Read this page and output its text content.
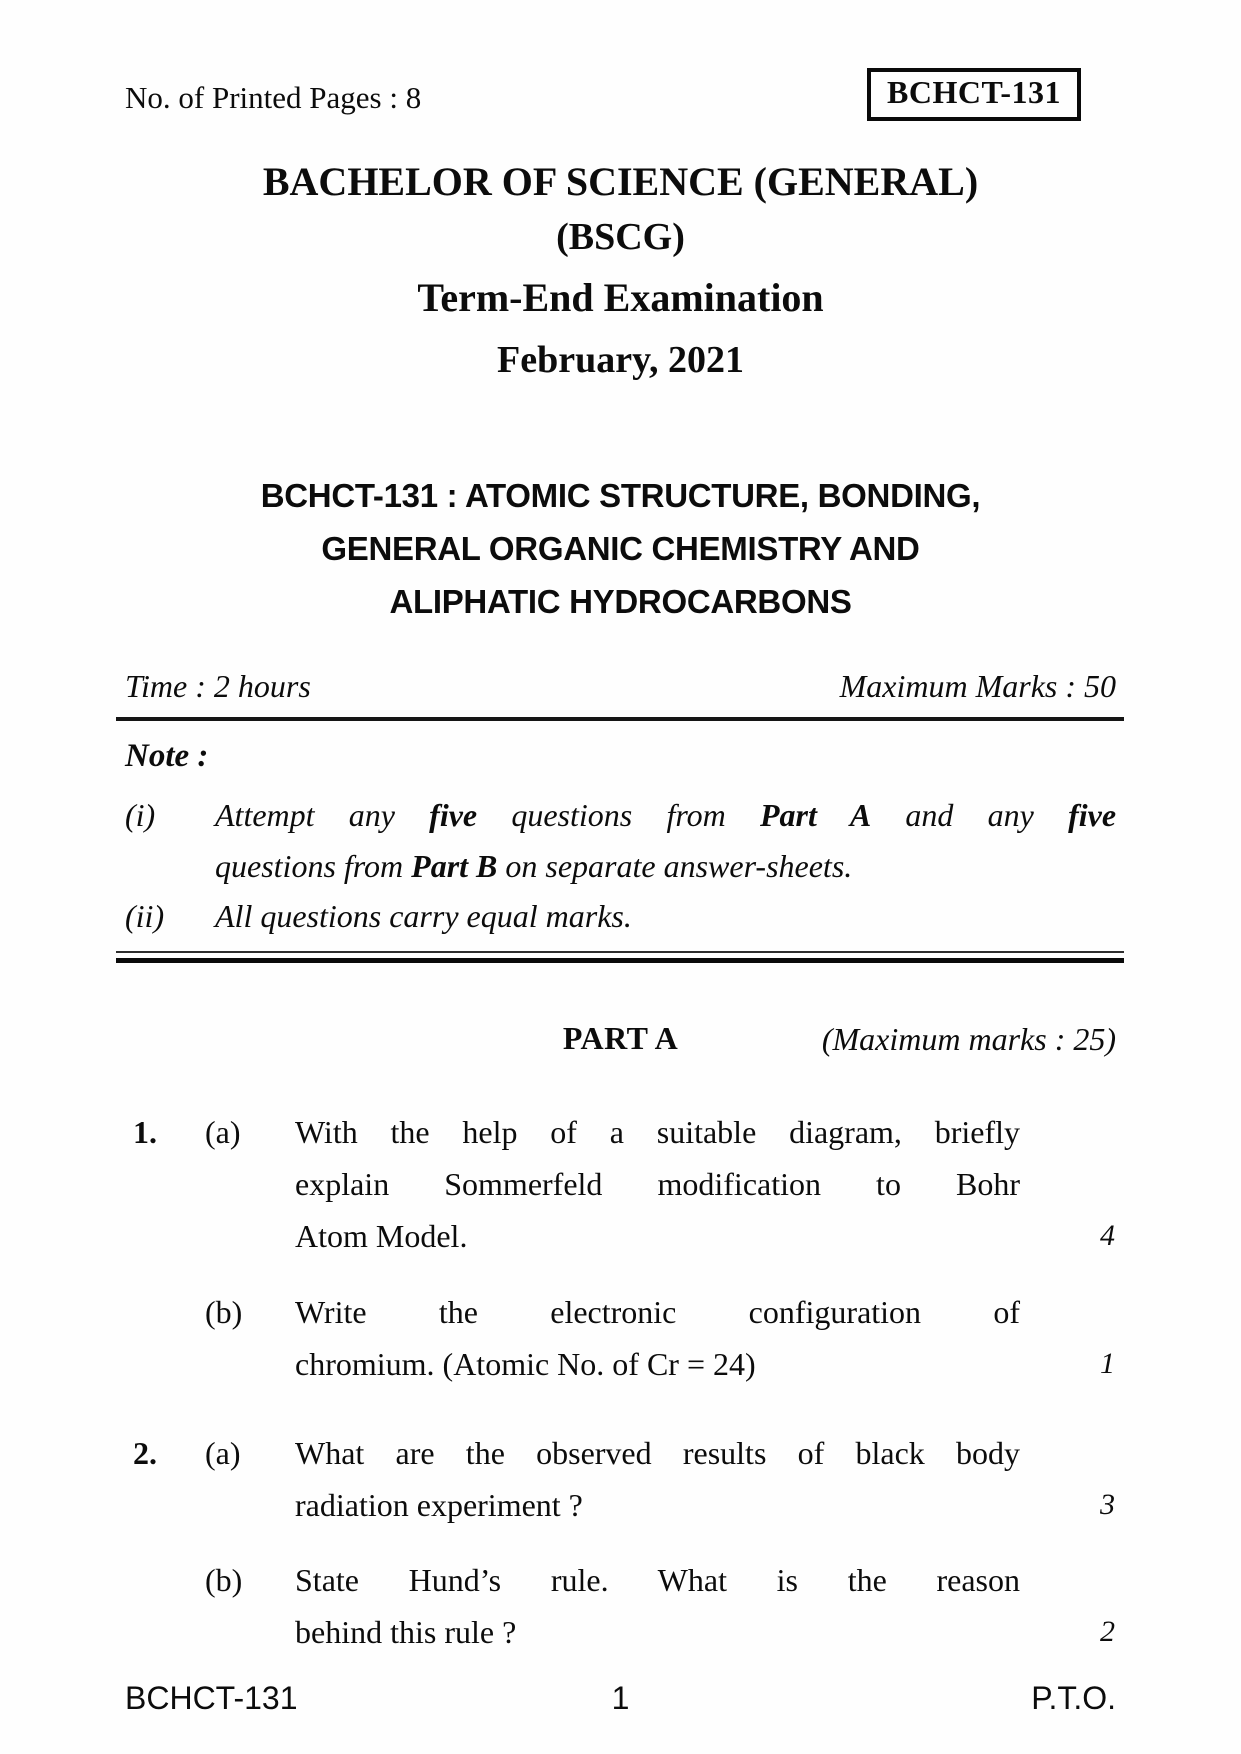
No. of Printed Pages : 8	BCHCT-131
BACHELOR OF SCIENCE (GENERAL)
(BSCG)
Term-End Examination
February, 2021
BCHCT-131 : ATOMIC STRUCTURE, BONDING,
GENERAL ORGANIC CHEMISTRY AND
ALIPHATIC HYDROCARBONS
Time : 2 hours	Maximum Marks : 50
Note :
(i) Attempt any five questions from Part A and any five
questions from Part B on separate answer-sheets.
(ii) All questions carry equal marks.
PART A	(Maximum marks : 25)
1. (a) With the help of a suitable diagram, briefly
explain Sommerfeld modification to Bohr
Atom Model.	4
(b) Write the electronic configuration of
chromium. (Atomic No. of Cr = 24)	1
2. (a) What are the observed results of black body
radiation experiment ?	3
(b) State Hund’s rule. What is the reason
behind this rule ?	2
BCHCT-131	1	P.T.O.
